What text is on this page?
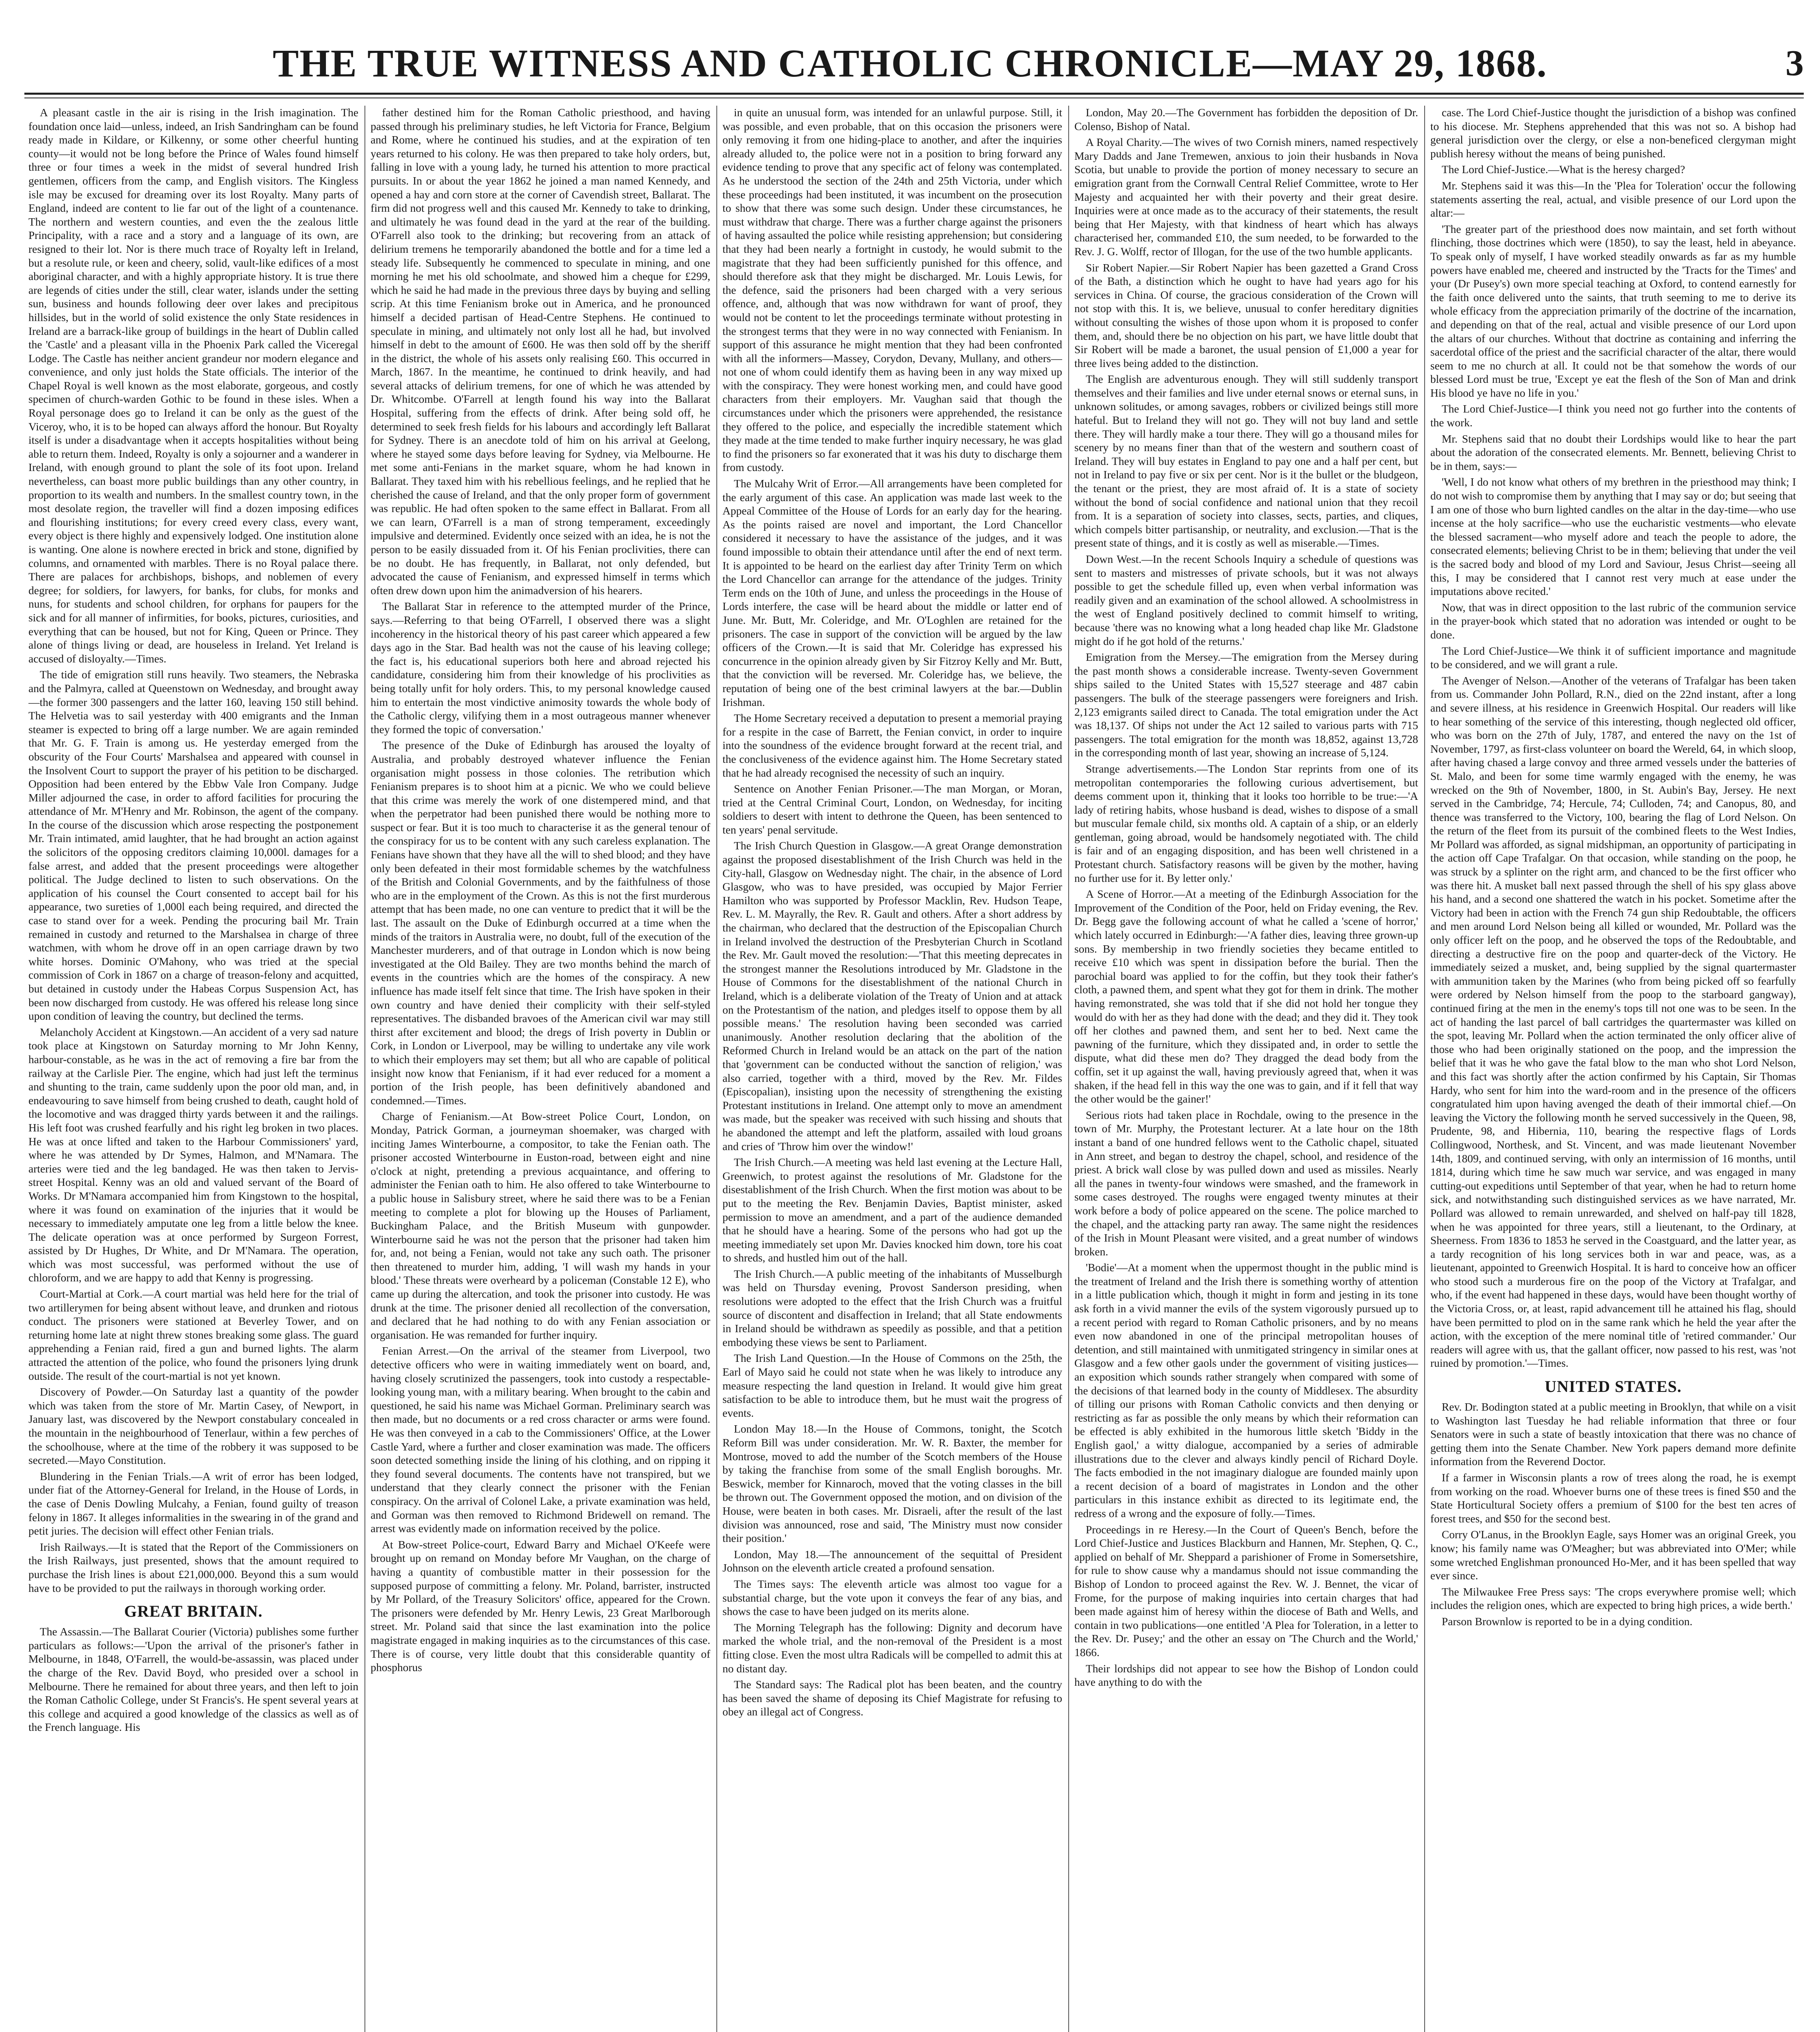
THE TRUE WITNESS AND CATHOLIC CHRONICLE—MAY 29, 1868.	3

A pleasant castle in the air is rising in the Irish imagination. The foundation once laid—unless, indeed, an Irish Sandringham can be found ready made in Kildare, or Kilkenny, or some other cheerful hunting county—it would not be long before the Prince of Wales found himself three or four times a week in the midst of several hundred Irish gentlemen, officers from the camp, and English visitors. The Kingless isle may be excused for dreaming over its lost Royalty. Many parts of England, indeed are content to lie far out of the light of a countenance. The northern and western counties, and even the the zealous little Principality, with a race and a story and a language of its own, are resigned to their lot. Nor is there much trace of Royalty left in Ireland, but a resolute rule, or keen and cheery, solid, vault-like edifices of a most aboriginal character, and with a highly appropriate history. It is true there are legends of cities under the still, clear water, islands under the setting sun, business and hounds following deer over lakes and precipitous hillsides, but in the world of solid existence the only State residences in Ireland are a barrack-like group of buildings in the heart of Dublin called the 'Castle' and a pleasant villa in the Phoenix Park called the Viceregal Lodge. The Castle has neither ancient grandeur nor modern elegance and convenience, and only just holds the State officials. The interior of the Chapel Royal is well known as the most elaborate, gorgeous, and costly specimen of church-warden Gothic to be found in these isles. When a Royal personage does go to Ireland it can be only as the guest of the Viceroy, who, it is to be hoped can always afford the honour. But Royalty itself is under a disadvantage when it accepts hospitalities without being able to return them. Indeed, Royalty is only a sojourner and a wanderer in Ireland, with enough ground to plant the sole of its foot upon. Ireland nevertheless, can boast more public buildings than any other country, in proportion to its wealth and numbers. In the smallest country town, in the most desolate region, the traveller will find a dozen imposing edifices and flourishing institutions; for every creed every class, every want, every object is there highly and expensively lodged. One institution alone is wanting. One alone is nowhere erected in brick and stone, dignified by columns, and ornamented with marbles. There is no Royal palace there. There are palaces for archbishops, bishops, and noblemen of every degree; for soldiers, for lawyers, for banks, for clubs, for monks and nuns, for students and school children, for orphans for paupers for the sick and for all manner of infirmities, for books, pictures, curiosities, and everything that can be housed, but not for King, Queen or Prince. They alone of things living or dead, are houseless in Ireland. Yet Ireland is accused of disloyalty.—Times.

The tide of emigration still runs heavily. Two steamers, the Nebraska and the Palmyra, called at Queenstown on Wednesday, and brought away—the former 300 passengers and the latter 160, leaving 150 still behind. The Helvetia was to sail yesterday with 400 emigrants and the Inman steamer is expected to bring off a large number. We are again reminded that Mr. G. F. Train is among us. He yesterday emerged from the obscurity of the Four Courts' Marshalsea and appeared with counsel in the Insolvent Court to support the prayer of his petition to be discharged. Opposition had been entered by the Ebbw Vale Iron Company. Judge Miller adjourned the case, in order to afford facilities for procuring the attendance of Mr. M'Henry and Mr. Robinson, the agent of the company. In the course of the discussion which arose respecting the postponement Mr. Train intimated, amid laughter, that he had brought an action against the solicitors of the opposing creditors claiming 10,000l. damages for a false arrest, and added that the present proceedings were altogether political. The Judge declined to listen to such observations. On the application of his counsel the Court consented to accept bail for his appearance, two sureties of 1,000l each being required, and directed the case to stand over for a week. Pending the procuring bail Mr. Train remained in custody and returned to the Marshalsea in charge of three watchmen, with whom he drove off in an open carriage drawn by two white horses. Dominic O'Mahony, who was tried at the special commission of Cork in 1867 on a charge of treason-felony and acquitted, but detained in custody under the Habeas Corpus Suspension Act, has been now discharged from custody. He was offered his release long since upon condition of leaving the country, but declined the terms.

Melancholy Accident at Kingstown.—An accident of a very sad nature took place at Kingstown on Saturday morning to Mr John Kenny, harbour-constable, as he was in the act of removing a fire bar from the railway at the Carlisle Pier. The engine, which had just left the terminus and shunting to the train, came suddenly upon the poor old man, and, in endeavouring to save himself from being crushed to death, caught hold of the locomotive and was dragged thirty yards between it and the railings. His left foot was crushed fearfully and his right leg broken in two places. He was at once lifted and taken to the Harbour Commissioners' yard, where he was attended by Dr Symes, Halmon, and M'Namara. The arteries were tied and the leg bandaged. He was then taken to Jervis-street Hospital. Kenny was an old and valued servant of the Board of Works. Dr M'Namara accompanied him from Kingstown to the hospital, where it was found on examination of the injuries that it would be necessary to immediately amputate one leg from a little below the knee. The delicate operation was at once performed by Surgeon Forrest, assisted by Dr Hughes, Dr White, and Dr M'Namara. The operation, which was most successful, was performed without the use of chloroform, and we are happy to add that Kenny is progressing.

Court-Martial at Cork.—A court martial was held here for the trial of two artillerymen for being absent without leave, and drunken and riotous conduct. The prisoners were stationed at Beverley Tower, and on returning home late at night threw stones breaking some glass. The guard apprehending a Fenian raid, fired a gun and burned lights. The alarm attracted the attention of the police, who found the prisoners lying drunk outside. The result of the court-martial is not yet known.

Discovery of Powder.—On Saturday last a quantity of the powder which was taken from the store of Mr. Martin Casey, of Newport, in January last, was discovered by the Newport constabulary concealed in the mountain in the neighbourhood of Tenerlaur, within a few perches of the schoolhouse, where at the time of the robbery it was supposed to be secreted.—Mayo Constitution.

Blundering in the Fenian Trials.—A writ of error has been lodged, under fiat of the Attorney-General for Ireland, in the House of Lords, in the case of Denis Dowling Mulcahy, a Fenian, found guilty of treason felony in 1867. It alleges informalities in the swearing in of the grand and petit juries. The decision will effect other Fenian trials.

Irish Railways.—It is stated that the Report of the Commissioners on the Irish Railways, just presented, shows that the amount required to purchase the Irish lines is about £21,000,000. Beyond this a sum would have to be provided to put the railways in thorough working order.

GREAT BRITAIN.

The Assassin.—The Ballarat Courier (Victoria) publishes some further particulars as follows:—'Upon the arrival of the prisoner's father in Melbourne, in 1848, O'Farrell, the would-be-assassin, was placed under the charge of the Rev. David Boyd, who presided over a school in Melbourne. There he remained for about three years, and then left to join the Roman Catholic College, under St Francis's. He spent several years at this college and acquired a good knowledge of the classics as well as of the French language. His

father destined him for the Roman Catholic priesthood, and having passed through his preliminary studies, he left Victoria for France, Belgium and Rome, where he continued his studies, and at the expiration of ten years returned to his colony. He was then prepared to take holy orders, but, falling in love with a young lady, he turned his attention to more practical pursuits. In or about the year 1862 he joined a man named Kennedy, and opened a hay and corn store at the corner of Cavendish street, Ballarat. The firm did not progress well and this caused Mr. Kennedy to take to drinking, and ultimately he was found dead in the yard at the rear of the building. O'Farrell also took to the drinking; but recovering from an attack of delirium tremens he temporarily abandoned the bottle and for a time led a steady life. Subsequently he commenced to speculate in mining, and one morning he met his old schoolmate, and showed him a cheque for £299, which he said he had made in the previous three days by buying and selling scrip. At this time Fenianism broke out in America, and he pronounced himself a decided partisan of Head-Centre Stephens. He continued to speculate in mining, and ultimately not only lost all he had, but involved himself in debt to the amount of £600. He was then sold off by the sheriff in the district, the whole of his assets only realising £60. This occurred in March, 1867. In the meantime, he continued to drink heavily, and had several attacks of delirium tremens, for one of which he was attended by Dr. Whitcombe. O'Farrell at length found his way into the Ballarat Hospital, suffering from the effects of drink. After being sold off, he determined to seek fresh fields for his labours and accordingly left Ballarat for Sydney. There is an anecdote told of him on his arrival at Geelong, where he stayed some days before leaving for Sydney, via Melbourne. He met some anti-Fenians in the market square, whom he had known in Ballarat. They taxed him with his rebellious feelings, and he replied that he cherished the cause of Ireland, and that the only proper form of government was republic. He had often spoken to the same effect in Ballarat. From all we can learn, O'Farrell is a man of strong temperament, exceedingly impulsive and determined. Evidently once seized with an idea, he is not the person to be easily dissuaded from it. Of his Fenian proclivities, there can be no doubt. He has frequently, in Ballarat, not only defended, but advocated the cause of Fenianism, and expressed himself in terms which often drew down upon him the animadversion of his hearers.

The Ballarat Star in reference to the attempted murder of the Prince, says.—Referring to that being O'Farrell, I observed there was a slight incoherency in the historical theory of his past career which appeared a few days ago in the Star. Bad health was not the cause of his leaving college; the fact is, his educational superiors both here and abroad rejected his candidature, considering him from their knowledge of his proclivities as being totally unfit for holy orders. This, to my personal knowledge caused him to entertain the most vindictive animosity towards the whole body of the Catholic clergy, vilifying them in a most outrageous manner whenever they formed the topic of conversation.'

The presence of the Duke of Edinburgh has aroused the loyalty of Australia, and probably destroyed whatever influence the Fenian organisation might possess in those colonies. The retribution which Fenianism prepares is to shoot him at a picnic. We who we could believe that this crime was merely the work of one distempered mind, and that when the perpetrator had been punished there would be nothing more to suspect or fear. But it is too much to characterise it as the general tenour of the conspiracy for us to be content with any such careless explanation. The Fenians have shown that they have all the will to shed blood; and they have only been defeated in their most formidable schemes by the watchfulness of the British and Colonial Governments, and by the faithfulness of those who are in the employment of the Crown. As this is not the first murderous attempt that has been made, no one can venture to predict that it will be the last. The assault on the Duke of Edinburgh occurred at a time when the minds of the traitors in Australia were, no doubt, full of the execution of the Manchester murderers, and of that outrage in London which is now being investigated at the Old Bailey. They are two months behind the march of events in the countries which are the homes of the conspiracy. A new influence has made itself felt since that time. The Irish have spoken in their own country and have denied their complicity with their self-styled representatives. The disbanded bravoes of the American civil war may still thirst after excitement and blood; the dregs of Irish poverty in Dublin or Cork, in London or Liverpool, may be willing to undertake any vile work to which their employers may set them; but all who are capable of political insight now know that Fenianism, if it had ever reduced for a moment a portion of the Irish people, has been definitively abandoned and condemned.—Times.

Charge of Fenianism.—At Bow-street Police Court, London, on Monday, Patrick Gorman, a journeyman shoemaker, was charged with inciting James Winterbourne, a compositor, to take the Fenian oath. The prisoner accosted Winterbourne in Euston-road, between eight and nine o'clock at night, pretending a previous acquaintance, and offering to administer the Fenian oath to him. He also offered to take Winterbourne to a public house in Salisbury street, where he said there was to be a Fenian meeting to complete a plot for blowing up the Houses of Parliament, Buckingham Palace, and the British Museum with gunpowder. Winterbourne said he was not the person that the prisoner had taken him for, and, not being a Fenian, would not take any such oath. The prisoner then threatened to murder him, adding, 'I will wash my hands in your blood.' These threats were overheard by a policeman (Constable 12 E), who came up during the altercation, and took the prisoner into custody. He was drunk at the time. The prisoner denied all recollection of the conversation, and declared that he had nothing to do with any Fenian association or organisation. He was remanded for further inquiry.

Fenian Arrest.—On the arrival of the steamer from Liverpool, two detective officers who were in waiting immediately went on board, and, having closely scrutinized the passengers, took into custody a respectable-looking young man, with a military bearing. When brought to the cabin and questioned, he said his name was Michael Gorman. Preliminary search was then made, but no documents or a red cross character or arms were found. He was then conveyed in a cab to the Commissioners' Office, at the Lower Castle Yard, where a further and closer examination was made. The officers soon detected something inside the lining of his clothing, and on ripping it they found several documents. The contents have not transpired, but we understand that they clearly connect the prisoner with the Fenian conspiracy. On the arrival of Colonel Lake, a private examination was held, and Gorman was then removed to Richmond Bridewell on remand. The arrest was evidently made on information received by the police.

At Bow-street Police-court, Edward Barry and Michael O'Keefe were brought up on remand on Monday before Mr Vaughan, on the charge of having a quantity of combustible matter in their possession for the supposed purpose of committing a felony. Mr. Poland, barrister, instructed by Mr Pollard, of the Treasury Solicitors' office, appeared for the Crown. The prisoners were defended by Mr. Henry Lewis, 23 Great Marlborough street. Mr. Poland said that since the last examination into the police magistrate engaged in making inquiries as to the circumstances of this case. There is of course, very little doubt that this considerable quantity of phosphorus

in quite an unusual form, was intended for an unlawful purpose. Still, it was possible, and even probable, that on this occasion the prisoners were only removing it from one hiding-place to another, and after the inquiries already alluded to, the police were not in a position to bring forward any evidence tending to prove that any specific act of felony was contemplated. As he understood the section of the 24th and 25th Victoria, under which these proceedings had been instituted, it was incumbent on the prosecution to show that there was some such design. Under these circumstances, he must withdraw that charge. There was a further charge against the prisoners of having assaulted the police while resisting apprehension; but considering that they had been nearly a fortnight in custody, he would submit to the magistrate that they had been sufficiently punished for this offence, and should therefore ask that they might be discharged. Mr. Louis Lewis, for the defence, said the prisoners had been charged with a very serious offence, and, although that was now withdrawn for want of proof, they would not be content to let the proceedings terminate without protesting in the strongest terms that they were in no way connected with Fenianism. In support of this assurance he might mention that they had been confronted with all the informers—Massey, Corydon, Devany, Mullany, and others—not one of whom could identify them as having been in any way mixed up with the conspiracy. They were honest working men, and could have good characters from their employers. Mr. Vaughan said that though the circumstances under which the prisoners were apprehended, the resistance they offered to the police, and especially the incredible statement which they made at the time tended to make further inquiry necessary, he was glad to find the prisoners so far exonerated that it was his duty to discharge them from custody.

The Mulcahy Writ of Error.—All arrangements have been completed for the early argument of this case. An application was made last week to the Appeal Committee of the House of Lords for an early day for the hearing. As the points raised are novel and important, the Lord Chancellor considered it necessary to have the assistance of the judges, and it was found impossible to obtain their attendance until after the end of next term. It is appointed to be heard on the earliest day after Trinity Term on which the Lord Chancellor can arrange for the attendance of the judges. Trinity Term ends on the 10th of June, and unless the proceedings in the House of Lords interfere, the case will be heard about the middle or latter end of June. Mr. Butt, Mr. Coleridge, and Mr. O'Loghlen are retained for the prisoners. The case in support of the conviction will be argued by the law officers of the Crown.—It is said that Mr. Coleridge has expressed his concurrence in the opinion already given by Sir Fitzroy Kelly and Mr. Butt, that the conviction will be reversed. Mr. Coleridge has, we believe, the reputation of being one of the best criminal lawyers at the bar.—Dublin Irishman.

The Home Secretary received a deputation to present a memorial praying for a respite in the case of Barrett, the Fenian convict, in order to inquire into the soundness of the evidence brought forward at the recent trial, and the conclusiveness of the evidence against him. The Home Secretary stated that he had already recognised the necessity of such an inquiry.

Sentence on Another Fenian Prisoner.—The man Morgan, or Moran, tried at the Central Criminal Court, London, on Wednesday, for inciting soldiers to desert with intent to dethrone the Queen, has been sentenced to ten years' penal servitude.

The Irish Church Question in Glasgow.—A great Orange demonstration against the proposed disestablishment of the Irish Church was held in the City-hall, Glasgow on Wednesday night. The chair, in the absence of Lord Glasgow, who was to have presided, was occupied by Major Ferrier Hamilton who was supported by Professor Macklin, Rev. Hudson Teape, Rev. L. M. Mayrally, the Rev. R. Gault and others. After a short address by the chairman, who declared that the destruction of the Episcopalian Church in Ireland involved the destruction of the Presbyterian Church in Scotland the Rev. Mr. Gault moved the resolution:—'That this meeting deprecates in the strongest manner the Resolutions introduced by Mr. Gladstone in the House of Commons for the disestablishment of the national Church in Ireland, which is a deliberate violation of the Treaty of Union and at attack on the Protestantism of the nation, and pledges itself to oppose them by all possible means.' The resolution having been seconded was carried unanimously. Another resolution declaring that the abolition of the Reformed Church in Ireland would be an attack on the part of the nation that 'government can be conducted without the sanction of religion,' was also carried, together with a third, moved by the Rev. Mr. Fildes (Episcopalian), insisting upon the necessity of strengthening the existing Protestant institutions in Ireland. One attempt only to move an amendment was made, but the speaker was received with such hissing and shouts that he abandoned the attempt and left the platform, assailed with loud groans and cries of 'Throw him over the window!'

The Irish Church.—A meeting was held last evening at the Lecture Hall, Greenwich, to protest against the resolutions of Mr. Gladstone for the disestablishment of the Irish Church. When the first motion was about to be put to the meeting the Rev. Benjamin Davies, Baptist minister, asked permission to move an amendment, and a part of the audience demanded that he should have a hearing. Some of the persons who had got up the meeting immediately set upon Mr. Davies knocked him down, tore his coat to shreds, and hustled him out of the hall.

The Irish Church.—A public meeting of the inhabitants of Musselburgh was held on Thursday evening, Provost Sanderson presiding, when resolutions were adopted to the effect that the Irish Church was a fruitful source of discontent and disaffection in Ireland; that all State endowments in Ireland should be withdrawn as speedily as possible, and that a petition embodying these views be sent to Parliament.

The Irish Land Question.—In the House of Commons on the 25th, the Earl of Mayo said he could not state when he was likely to introduce any measure respecting the land question in Ireland. It would give him great satisfaction to be able to introduce them, but he must wait the progress of events.

London May 18.—In the House of Commons, tonight, the Scotch Reform Bill was under consideration. Mr. W. R. Baxter, the member for Montrose, moved to add the number of the Scotch members of the House by taking the franchise from some of the small English boroughs. Mr. Beswick, member for Kinnaroch, moved that the voting classes in the bill be thrown out. The Government opposed the motion, and on division of the House, were beaten in both cases. Mr. Disraeli, after the result of the last division was announced, rose and said, 'The Ministry must now consider their position.'

London, May 18.—The announcement of the sequittal of President Johnson on the eleventh article created a profound sensation.

The Times says: The eleventh article was almost too vague for a substantial charge, but the vote upon it conveys the fear of any bias, and shows the case to have been judged on its merits alone.

The Morning Telegraph has the following: Dignity and decorum have marked the whole trial, and the non-removal of the President is a most fitting close. Even the most ultra Radicals will be compelled to admit this at no distant day.

The Standard says: The Radical plot has been beaten, and the country has been saved the shame of deposing its Chief Magistrate for refusing to obey an illegal act of Congress.

London, May 20.—The Government has forbidden the deposition of Dr. Colenso, Bishop of Natal.

A Royal Charity.—The wives of two Cornish miners, named respectively Mary Dadds and Jane Tremewen, anxious to join their husbands in Nova Scotia, but unable to provide the portion of money necessary to secure an emigration grant from the Cornwall Central Relief Committee, wrote to Her Majesty and acquainted her with their poverty and their great desire. Inquiries were at once made as to the accuracy of their statements, the result being that Her Majesty, with that kindness of heart which has always characterised her, commanded £10, the sum needed, to be forwarded to the Rev. J. G. Wolff, rector of Illogan, for the use of the two humble applicants.

Sir Robert Napier.—Sir Robert Napier has been gazetted a Grand Cross of the Bath, a distinction which he ought to have had years ago for his services in China. Of course, the gracious consideration of the Crown will not stop with this. It is, we believe, unusual to confer hereditary dignities without consulting the wishes of those upon whom it is proposed to confer them, and, should there be no objection on his part, we have little doubt that Sir Robert will be made a baronet, the usual pension of £1,000 a year for three lives being added to the distinction.

The English are adventurous enough. They will still suddenly transport themselves and their families and live under eternal snows or eternal suns, in unknown solitudes, or among savages, robbers or civilized beings still more hateful. But to Ireland they will not go. They will not buy land and settle there. They will hardly make a tour there. They will go a thousand miles for scenery by no means finer than that of the western and southern coast of Ireland. They will buy estates in England to pay one and a half per cent, but not in Ireland to pay five or six per cent. Nor is it the bullet or the bludgeon, the tenant or the priest, they are most afraid of. It is a state of society without the bond of social confidence and national union that they recoil from. It is a separation of society into classes, sects, parties, and cliques, which compels bitter partisanship, or neutrality, and exclusion.—That is the present state of things, and it is costly as well as miserable.—Times.

Down West.—In the recent Schools Inquiry a schedule of questions was sent to masters and mistresses of private schools, but it was not always possible to get the schedule filled up, even when verbal information was readily given and an examination of the school allowed. A schoolmistress in the west of England positively declined to commit himself to writing, because 'there was no knowing what a long headed chap like Mr. Gladstone might do if he got hold of the returns.'

Emigration from the Mersey.—The emigration from the Mersey during the past month shows a considerable increase. Twenty-seven Government ships sailed to the United States with 15,527 steerage and 487 cabin passengers. The bulk of the steerage passengers were foreigners and Irish. 2,123 emigrants sailed direct to Canada. The total emigration under the Act was 18,137. Of ships not under the Act 12 sailed to various parts with 715 passengers. The total emigration for the month was 18,852, against 13,728 in the corresponding month of last year, showing an increase of 5,124.

Strange advertisements.—The London Star reprints from one of its metropolitan contemporaries the following curious advertisement, but deems comment upon it, thinking that it looks too horrible to be true:—'A lady of retiring habits, whose husband is dead, wishes to dispose of a small but muscular female child, six months old. A captain of a ship, or an elderly gentleman, going abroad, would be handsomely negotiated with. The child is fair and of an engaging disposition, and has been well christened in a Protestant church. Satisfactory reasons will be given by the mother, having no further use for it. By letter only.'

A Scene of Horror.—At a meeting of the Edinburgh Association for the Improvement of the Condition of the Poor, held on Friday evening, the Rev. Dr. Begg gave the following account of what he called a 'scene of horror,' which lately occurred in Edinburgh:—'A father dies, leaving three grown-up sons. By membership in two friendly societies they became entitled to receive £10 which was spent in dissipation before the burial. Then the parochial board was applied to for the coffin, but they took their father's cloth, a pawned them, and spent what they got for them in drink. The mother having remonstrated, she was told that if she did not hold her tongue they would do with her as they had done with the dead; and they did it. They took off her clothes and pawned them, and sent her to bed. Next came the pawning of the furniture, which they dissipated and, in order to settle the dispute, what did these men do? They dragged the dead body from the coffin, set it up against the wall, having previously agreed that, when it was shaken, if the head fell in this way the one was to gain, and if it fell that way the other would be the gainer!'

Serious riots had taken place in Rochdale, owing to the presence in the town of Mr. Murphy, the Protestant lecturer. At a late hour on the 18th instant a band of one hundred fellows went to the Catholic chapel, situated in Ann street, and began to destroy the chapel, school, and residence of the priest. A brick wall close by was pulled down and used as missiles. Nearly all the panes in twenty-four windows were smashed, and the framework in some cases destroyed. The roughs were engaged twenty minutes at their work before a body of police appeared on the scene. The police marched to the chapel, and the attacking party ran away. The same night the residences of the Irish in Mount Pleasant were visited, and a great number of windows broken.

'Bodie'—At a moment when the uppermost thought in the public mind is the treatment of Ireland and the Irish there is something worthy of attention in a little publication which, though it might in form and jesting in its tone ask forth in a vivid manner the evils of the system vigorously pursued up to a recent period with regard to Roman Catholic prisoners, and by no means even now abandoned in one of the principal metropolitan houses of detention, and still maintained with unmitigated stringency in similar ones at Glasgow and a few other gaols under the government of visiting justices—an exposition which sounds rather strangely when compared with some of the decisions of that learned body in the county of Middlesex. The absurdity of tilling our prisons with Roman Catholic convicts and then denying or restricting as far as possible the only means by which their reformation can be effected is ably exhibited in the humorous little sketch 'Biddy in the English gaol,' a witty dialogue, accompanied by a series of admirable illustrations due to the clever and always kindly pencil of Richard Doyle. The facts embodied in the not imaginary dialogue are founded mainly upon a recent decision of a board of magistrates in London and the other particulars in this instance exhibit as directed to its legitimate end, the redress of a wrong and the exposure of folly.—Times.

Proceedings in re Heresy.—In the Court of Queen's Bench, before the Lord Chief-Justice and Justices Blackburn and Hannen, Mr. Stephen, Q. C., applied on behalf of Mr. Sheppard a parishioner of Frome in Somersetshire, for rule to show cause why a mandamus should not issue commanding the Bishop of London to proceed against the Rev. W. J. Bennet, the vicar of Frome, for the purpose of making inquiries into certain charges that had been made against him of heresy within the diocese of Bath and Wells, and contain in two publications—one entitled 'A Plea for Toleration, in a letter to the Rev. Dr. Pusey;' and the other an essay on 'The Church and the World,' 1866.

Their lordships did not appear to see how the Bishop of London could have anything to do with the

case. The Lord Chief-Justice thought the jurisdiction of a bishop was confined to his diocese. Mr. Stephens apprehended that this was not so. A bishop had general jurisdiction over the clergy, or else a non-beneficed clergyman might publish heresy without the means of being punished.

The Lord Chief-Justice.—What is the heresy charged?

Mr. Stephens said it was this—In the 'Plea for Toleration' occur the following statements asserting the real, actual, and visible presence of our Lord upon the altar:—

'The greater part of the priesthood does now maintain, and set forth without flinching, those doctrines which were (1850), to say the least, held in abeyance. To speak only of myself, I have worked steadily onwards as far as my humble powers have enabled me, cheered and instructed by the 'Tracts for the Times' and your (Dr Pusey's) own more special teaching at Oxford, to contend earnestly for the faith once delivered unto the saints, that truth seeming to me to derive its whole efficacy from the appreciation primarily of the doctrine of the incarnation, and depending on that of the real, actual and visible presence of our Lord upon the altars of our churches. Without that doctrine as containing and inferring the sacerdotal office of the priest and the sacrificial character of the altar, there would seem to me no church at all. It could not be that somehow the words of our blessed Lord must be true, 'Except ye eat the flesh of the Son of Man and drink His blood ye have no life in you.'

The Lord Chief-Justice—I think you need not go further into the contents of the work.

Mr. Stephens said that no doubt their Lordships would like to hear the part about the adoration of the consecrated elements. Mr. Bennett, believing Christ to be in them, says:—

'Well, I do not know what others of my brethren in the priesthood may think; I do not wish to compromise them by anything that I may say or do; but seeing that I am one of those who burn lighted candles on the altar in the day-time—who use incense at the holy sacrifice—who use the eucharistic vestments—who elevate the blessed sacrament—who myself adore and teach the people to adore, the consecrated elements; believing Christ to be in them; believing that under the veil is the sacred body and blood of my Lord and Saviour, Jesus Christ—seeing all this, I may be considered that I cannot rest very much at ease under the imputations above recited.'

Now, that was in direct opposition to the last rubric of the communion service in the prayer-book which stated that no adoration was intended or ought to be done.

The Lord Chief-Justice—We think it of sufficient importance and magnitude to be considered, and we will grant a rule.

The Avenger of Nelson.—Another of the veterans of Trafalgar has been taken from us. Commander John Pollard, R.N., died on the 22nd instant, after a long and severe illness, at his residence in Greenwich Hospital. Our readers will like to hear something of the service of this interesting, though neglected old officer, who was born on the 27th of July, 1787, and entered the navy on the 1st of November, 1797, as first-class volunteer on board the Wereld, 64, in which sloop, after having chased a large convoy and three armed vessels under the batteries of St. Malo, and been for some time warmly engaged with the enemy, he was wrecked on the 9th of November, 1800, in St. Aubin's Bay, Jersey. He next served in the Cambridge, 74; Hercule, 74; Culloden, 74; and Canopus, 80, and thence was transferred to the Victory, 100, bearing the flag of Lord Nelson. On the return of the fleet from its pursuit of the combined fleets to the West Indies, Mr Pollard was afforded, as signal midshipman, an opportunity of participating in the action off Cape Trafalgar. On that occasion, while standing on the poop, he was struck by a splinter on the right arm, and chanced to be the first officer who was there hit. A musket ball next passed through the shell of his spy glass above his hand, and a second one shattered the watch in his pocket. Sometime after the Victory had been in action with the French 74 gun ship Redoubtable, the officers and men around Lord Nelson being all killed or wounded, Mr. Pollard was the only officer left on the poop, and he observed the tops of the Redoubtable, and directing a destructive fire on the poop and quarter-deck of the Victory. He immediately seized a musket, and, being supplied by the signal quartermaster with ammunition taken by the Marines (who from being picked off so fearfully were ordered by Nelson himself from the poop to the starboard gangway), continued firing at the men in the enemy's tops till not one was to be seen. In the act of handing the last parcel of ball cartridges the quartermaster was killed on the spot, leaving Mr. Pollard when the action terminated the only officer alive of those who had been originally stationed on the poop, and the impression the belief that it was he who gave the fatal blow to the man who shot Lord Nelson, and this fact was shortly after the action confirmed by his Captain, Sir Thomas Hardy, who sent for him into the ward-room and in the presence of the officers congratulated him upon having avenged the death of their immortal chief.—On leaving the Victory the following month he served successively in the Queen, 98, Prudente, 98, and Hibernia, 110, bearing the respective flags of Lords Collingwood, Northesk, and St. Vincent, and was made lieutenant November 14th, 1809, and continued serving, with only an intermission of 16 months, until 1814, during which time he saw much war service, and was engaged in many cutting-out expeditions until September of that year, when he had to return home sick, and notwithstanding such distinguished services as we have narrated, Mr. Pollard was allowed to remain unrewarded, and shelved on half-pay till 1828, when he was appointed for three years, still a lieutenant, to the Ordinary, at Sheerness. From 1836 to 1853 he served in the Coastguard, and the latter year, as a tardy recognition of his long services both in war and peace, was, as a lieutenant, appointed to Greenwich Hospital. It is hard to conceive how an officer who stood such a murderous fire on the poop of the Victory at Trafalgar, and who, if the event had happened in these days, would have been thought worthy of the Victoria Cross, or, at least, rapid advancement till he attained his flag, should have been permitted to plod on in the same rank which he held the year after the action, with the exception of the mere nominal title of 'retired commander.' Our readers will agree with us, that the gallant officer, now passed to his rest, was 'not ruined by promotion.'—Times.

UNITED STATES.

Rev. Dr. Bodington stated at a public meeting in Brooklyn, that while on a visit to Washington last Tuesday he had reliable information that three or four Senators were in such a state of beastly intoxication that there was no chance of getting them into the Senate Chamber. New York papers demand more definite information from the Reverend Doctor.

If a farmer in Wisconsin plants a row of trees along the road, he is exempt from working on the road. Whoever burns one of these trees is fined $50 and the State Horticultural Society offers a premium of $100 for the best ten acres of forest trees, and $50 for the second best.

Corry O'Lanus, in the Brooklyn Eagle, says Homer was an original Greek, you know; his family name was O'Meagher; but was abbreviated into O'Mer; while some wretched Englishman pronounced Ho-Mer, and it has been spelled that way ever since.

The Milwaukee Free Press says: 'The crops everywhere promise well; which includes the religion ones, which are expected to bring high prices, a wide berth.'

Parson Brownlow is reported to be in a dying condition.
